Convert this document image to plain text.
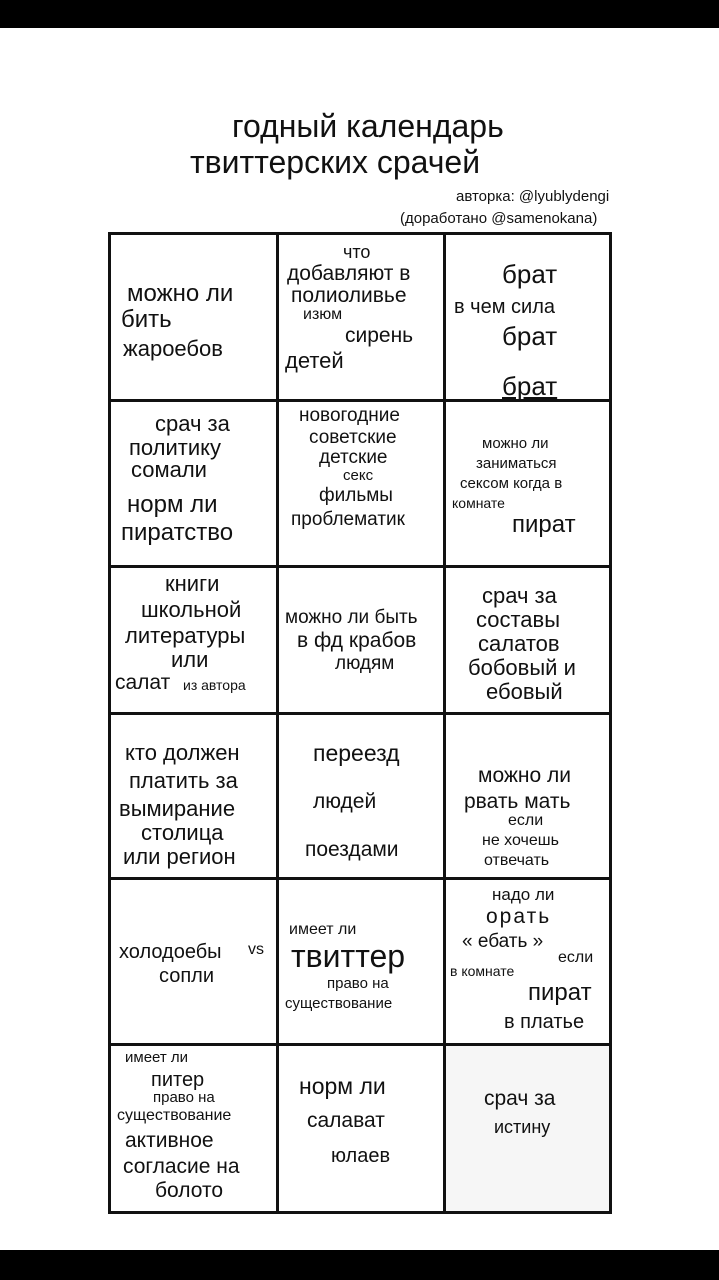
годный календарь
твиттерских срачей
авторка: @lyublydengi
(доработано @samenokana)
можно ли
бить
жароебов
что
добавляют в
полиоливье
изюм
сирень
детей
брат
в чем сила
брат
брат
срач за
политику
сомали
норм ли
пиратство
новогодние
советские
детские
секс
фильмы
проблематик
можно ли
заниматься
сексом когда в
комнате
пират
книги
школьной
литературы
или
салат из автора
можно ли быть
в фд крабов
людям
срач за
составы
салатов
бобовый и
ебовый
кто должен
платить за
вымирание
столица
или регион
переезд
людей
поездами
можно ли
рвать мать
если
не хочешь
отвечать
холодоебы vs
сопли
имеет ли
твиттер
право на
существование
надо ли
орать
« ебать »
если
в комнате
пират
в платье
имеет ли
питер
право на
существование
активное
согласие на
болото
норм ли
салават
юлаев
срач за
истину
